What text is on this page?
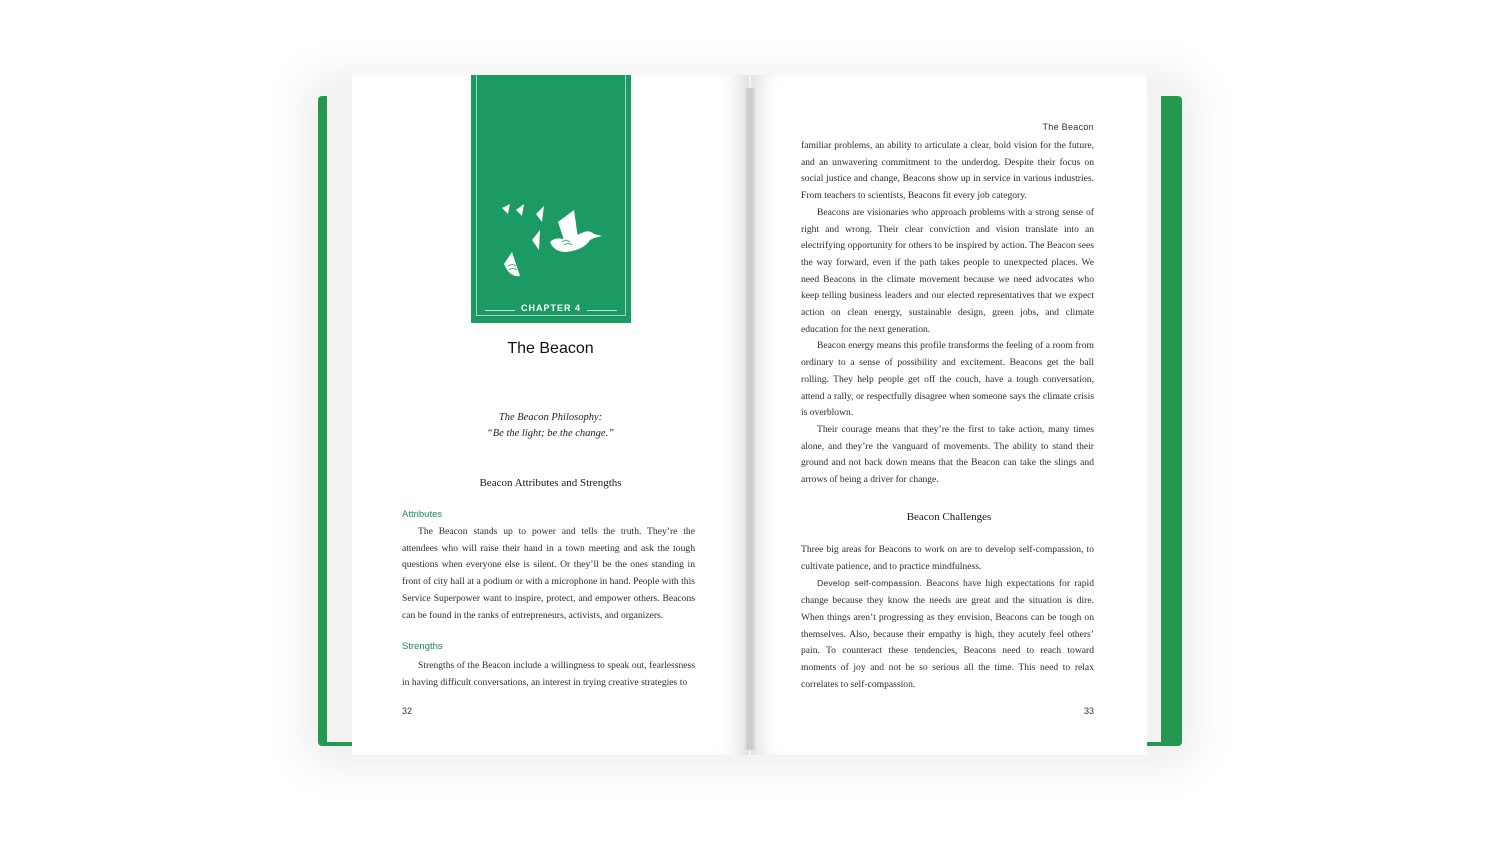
CHAPTER 4
The Beacon
The Beacon Philosophy:
“Be the light; be the change.”
Beacon Attributes and Strengths
Attributes

The Beacon stands up to power and tells the truth. They’re the attendees who will raise their hand in a town meeting and ask the tough questions when everyone else is silent. Or they’ll be the ones standing in front of city hall at a podium or with a microphone in hand. People with this Service Superpower want to inspire, protect, and empower others. Beacons can be found in the ranks of entrepreneurs, activists, and organizers.

Strengths

Strengths of the Beacon include a willingness to speak out, fearlessness in having difficult conversations, an interest in trying creative strategies to

32
The Beacon

familiar problems, an ability to articulate a clear, bold vision for the future, and an unwavering commitment to the underdog. Despite their focus on social justice and change, Beacons show up in service in various industries. From teachers to scientists, Beacons fit every job category.

Beacons are visionaries who approach problems with a strong sense of right and wrong. Their clear conviction and vision translate into an electrifying opportunity for others to be inspired by action. The Beacon sees the way forward, even if the path takes people to unexpected places. We need Beacons in the climate movement because we need advocates who keep telling business leaders and our elected representatives that we expect action on clean energy, sustainable design, green jobs, and climate education for the next generation.

Beacon energy means this profile transforms the feeling of a room from ordinary to a sense of possibility and excitement. Beacons get the ball rolling. They help people get off the couch, have a tough conversation, attend a rally, or respectfully disagree when someone says the climate crisis is overblown.

Their courage means that they’re the first to take action, many times alone, and they’re the vanguard of movements. The ability to stand their ground and not back down means that the Beacon can take the slings and arrows of being a driver for change.

Beacon Challenges

Three big areas for Beacons to work on are to develop self-compassion, to cultivate patience, and to practice mindfulness.

Develop self-compassion. Beacons have high expectations for rapid change because they know the needs are great and the situation is dire. When things aren’t progressing as they envision, Beacons can be tough on themselves. Also, because their empathy is high, they acutely feel others’ pain. To counteract these tendencies, Beacons need to reach toward moments of joy and not be so serious all the time. This need to relax correlates to self-compassion.

33
